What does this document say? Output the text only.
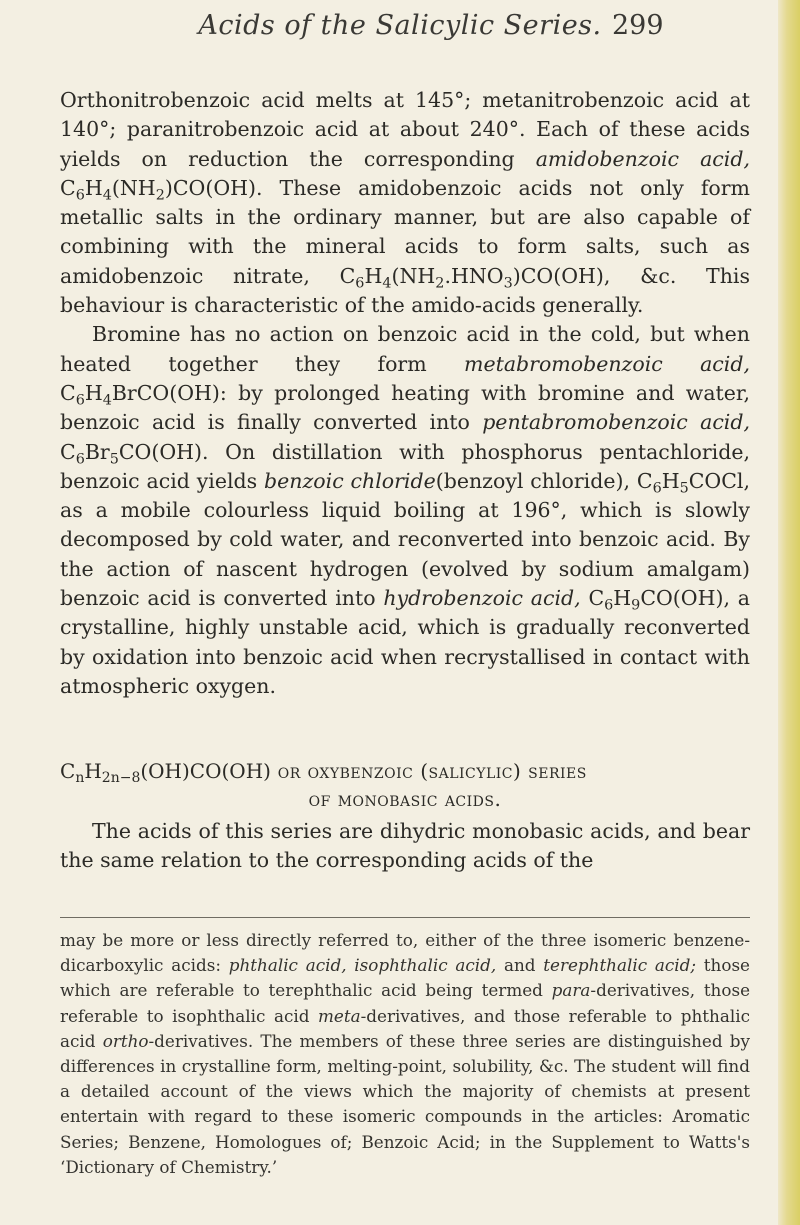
Acids of the Salicylic Series. 299

Orthonitrobenzoic acid melts at 145°; metanitrobenzoic acid at 140°; paranitrobenzoic acid at about 240°. Each of these acids yields on reduction the corresponding amidobenzoic acid, $C_6H_4(NH_2)CO(OH)$. These amidobenzoic acids not only form metallic salts in the ordinary manner, but are also capable of combining with the mineral acids to form salts, such as amidobenzoic nitrate, $C_6H_4(NH_2.HNO_3)CO(OH)$, &c. This behaviour is characteristic of the amido-acids generally.

Bromine has no action on benzoic acid in the cold, but when heated together they form metabromobenzoic acid, $C_6H_4BrCO(OH)$: by prolonged heating with bromine and water, benzoic acid is finally converted into pentabromobenzoic acid, $C_6Br_5CO(OH)$. On distillation with phosphorus pentachloride, benzoic acid yields benzoic chloride(benzoyl chloride), $C_6H_5COCl$, as a mobile colourless liquid boiling at 196°, which is slowly decomposed by cold water, and reconverted into benzoic acid. By the action of nascent hydrogen (evolved by sodium amalgam) benzoic acid is converted into hydrobenzoic acid, $C_6H_9CO(OH)$, a crystalline, highly unstable acid, which is gradually reconverted by oxidation into benzoic acid when recrystallised in contact with atmospheric oxygen.

$C_nH_{2n-8}(OH)CO(OH)$ or oxybenzoic (salicylic) series
of monobasic acids.

The acids of this series are dihydric monobasic acids, and bear the same relation to the corresponding acids of the

may be more or less directly referred to, either of the three isomeric benzene-dicarboxylic acids: phthalic acid, isophthalic acid, and terephthalic acid; those which are referable to terephthalic acid being termed para-derivatives, those referable to isophthalic acid meta-derivatives, and those referable to phthalic acid ortho-derivatives. The members of these three series are distinguished by differences in crystalline form, melting-point, solubility, &c. The student will find a detailed account of the views which the majority of chemists at present entertain with regard to these isomeric compounds in the articles: Aromatic Series; Benzene, Homologues of; Benzoic Acid; in the Supplement to Watts's ‘Dictionary of Chemistry.’
